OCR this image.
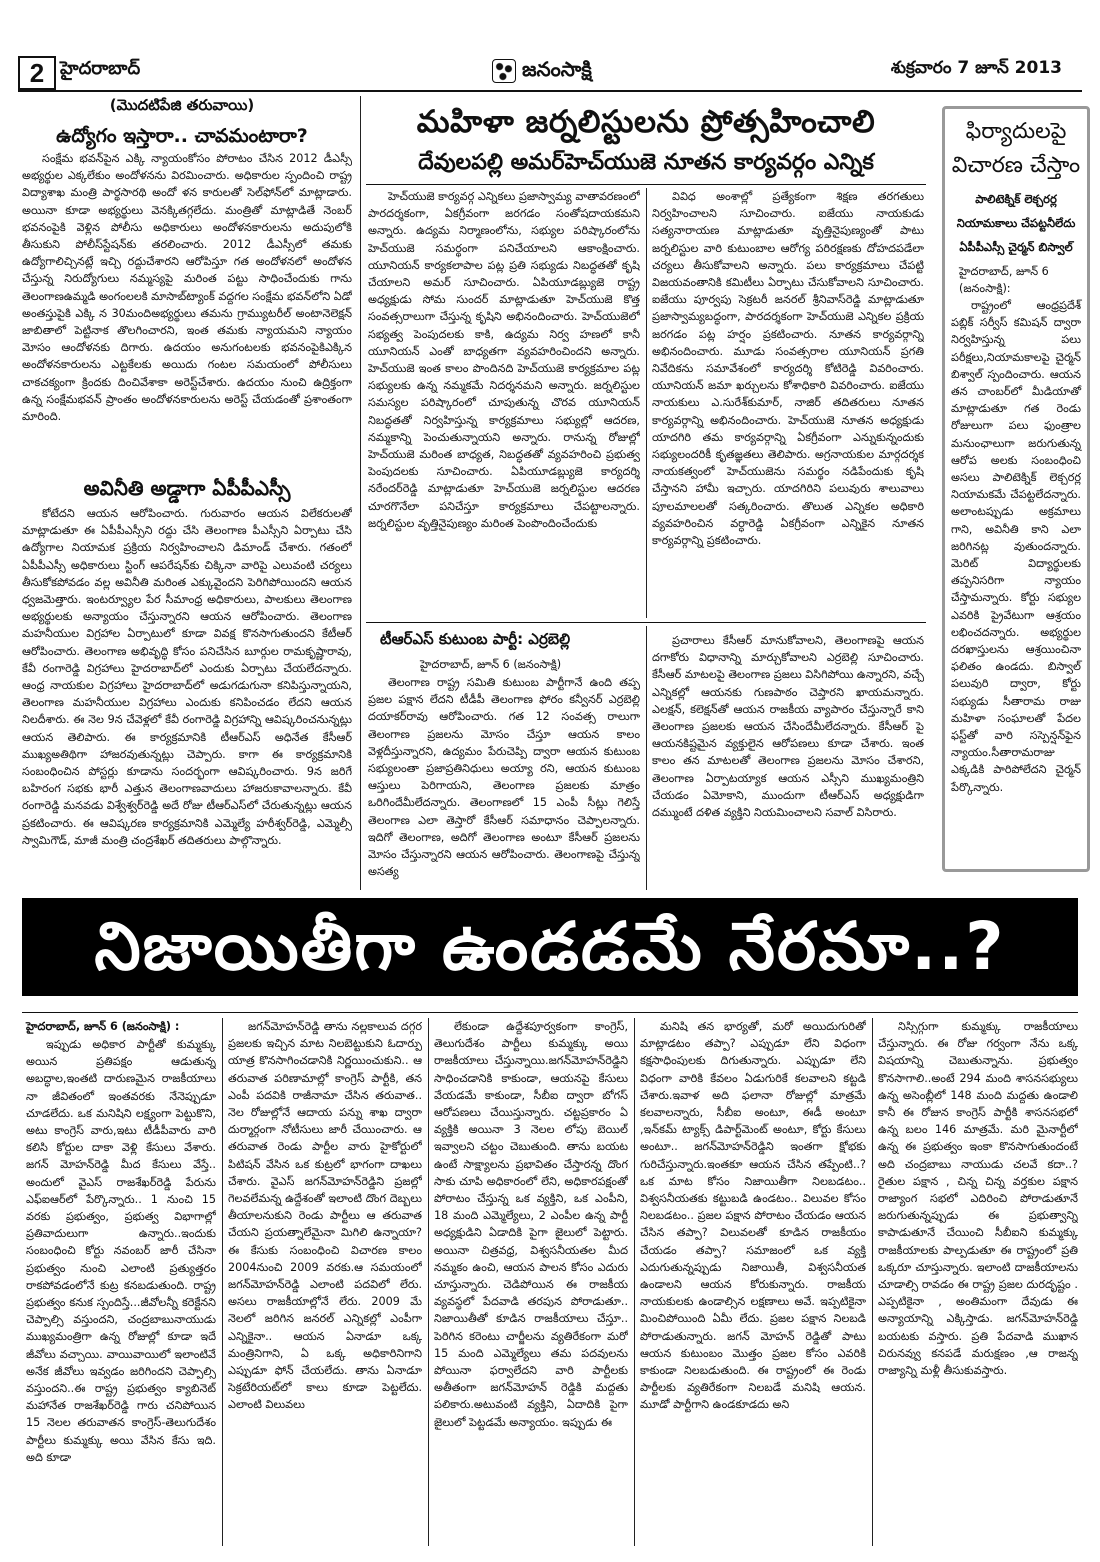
2 హైదరాబాద్	జనంసాక్షి	శుక్రవారం 7 జూన్ 2013
(మొదటిపేజి తరువాయి)
ఉద్యోగం ఇస్తారా.. చావమంటారా?

సంక్షేమ భవన్‌పైన ఎక్కి న్యాయంకోసం పోరాటం చేసిన 2012 డీఎస్సీ అభ్యర్థుల ఎక్కలేకుం అందోళనను విరమించారు. అధికారుల స్పందించి రాష్ట్ర విద్యాశాఖ మంత్రి పార్థసారథి అందో ళన కారులతో సెల్‌ఫోన్‌లో మాట్లాడారు. అయినా కూడా అభ్యర్థులు వెనక్కితగ్గలేదు. మంత్రితో మాట్లాడితే నెంబర్ భవనంపైకి వెళ్లిన పోలీసు అధికారులు అందోళనకారులను అదుపులోకి తీసుకుని పోలీస్‌స్టేషన్‌కు తరలించారు. 2012 డీఎస్సీలో తమకు ఉద్యోగాలిచ్చినట్లే ఇచ్చి రద్దుచేశారని ఆరోపిస్తూ గత అందోళనలో అందోళన చేస్తున్న నిరుద్యోగులు నమ్మస్యపై మరింత పట్టు సాధించేందుకు గాను తెలంగాణఉమ్మడి అంగంలలకి మాసాబ్‌ట్యాంక్ వద్దగల సంక్షేమ భవన్‌లోని ఏడో అంతస్తుపైకి ఎక్కి న 30మందిఅభ్యర్థులు తమను గ్రామ్యుటరీల్ అంటానెలెక్షన్ జాబితాలో పెట్టినాక తొలగించారని, ఇంత తమకు న్యాయమని న్యాయం మోసం ఆందోళనకు దిగారు. ఉదయం అనుగంటలకు భవనంపైకిఎక్కిన అందోళనకారులను ఎట్టకేలకు అయిదు గంటల సమయంలో పోలీసులు చాకచక్యంగా క్రిందకు దించివేశాకా అరెస్ట్‌చేశారు. ఉదయం నుంచి ఉద్రిక్తంగా ఉన్న సంక్షేమభవన్ ప్రాంతం అందోళనకారులను అరెస్ట్ చేయడంతో ప్రశాంతంగా మారింది.

అవినీతి అడ్డాగా ఏపీపీఎస్సీ

కోటేదని ఆయన ఆరోపించారు. గురువారం ఆయన విలేకరులతో మాట్లాడుతూ ఈ ఏపీపీఎస్సీని రద్దు చేసి తెలంగాణ పీఎస్సీని ఏర్పాటు చేసి ఉద్యోగాల నియామక ప్రక్రియ నిర్వహించాలని డిమాండ్ చేశారు. గతంలో ఏపీపీఎస్సీ అధికారులు స్టింగ్ ఆపరేషన్‌కు చిక్కినా వారిపై ఎలువంటి చర్యలు తీసుకోకపోవడం వల్ల అవినీతి మరింత ఎక్కువైందని పెరిగిపోయిందని ఆయన ధ్వజమెత్తారు. ఇంటర్వ్యూల పేర సీమాంధ్ర అధికారులు, పాలకులు తెలంగాణ అభ్యర్థులకు అన్యాయం చేస్తున్నారని ఆయన ఆరోపించారు. తెలంగాణ మహనీయుల విగ్రహాల ఏర్పాటులో కూడా వివక్ష కొనసాగుతుందని కేటీఆర్ ఆరోపించారు. తెలంగాణ అభివృద్ధి కోసం పనిచేసిన బూర్గుల రామకృష్ణారావు, కేవీ రంగారెడ్డి విగ్రహాలు హైదరాబాద్‌లో ఎందుకు ఏర్పాటు చేయలేదన్నారు. ఆంధ్ర నాయకుల విగ్రహాలు హైదరాబాద్‌లో అడుగడుగునా కనిపిస్తున్నాయని, తెలంగాణ మహనీయుల విగ్రహాలు ఎందుకు కనిపించడం లేదని ఆయన నిలదీశారు. ఈ నెల 9న చేవెళ్లలో కేవీ రంగారెడ్డి విగ్రహాన్ని ఆవిష్కరించనున్నట్లు ఆయన తెలిపారు. ఈ కార్యక్రమానికి టీఆర్ఎస్ అధినేత కేసీఆర్ ముఖ్యఅతిథిగా హాజరవుతున్నట్లు చెప్పారు. కాగా ఈ కార్యక్రమానికి సంబంధించిన పోస్టర్లు కూడాను సందర్భంగా ఆవిష్కరించారు. 9న జరిగే బహిరంగ సభకు భారీ ఎత్తున తెలంగాణవాదులు హాజరుకావాలన్నారు. కేవీ రంగారెడ్డి మనవడు విశ్వేశ్వర్‌రెడ్డి అదే రోజు టీఆర్ఎస్‌లో చేరుతున్నట్లు ఆయన ప్రకటించారు. ఈ ఆవిష్కరణ కార్యక్రమానికి ఎమ్మెల్యే హరీశ్వర్‌రెడ్డి, ఎమ్మెల్సీ స్వామిగౌడ్, మాజీ మంత్రి చంద్రశేఖర్ తదితరులు పాల్గొన్నారు.

మహిళా జర్నలిస్టులను ప్రోత్సహించాలి
దేవులపల్లి అమర్‌హెచ్‌యుజె నూతన కార్యవర్గం ఎన్నిక

హెచ్‌యుజె కార్యవర్గ ఎన్నికలు ప్రజాస్వామ్య వాతావరణంలో పారదర్శకంగా, ఏకగ్రీవంగా జరగడం సంతోషదాయకమని అన్నారు. ఉద్యమ నిర్మాణంలోను, సభ్యుల పరిష్కారంలోను హెచ్‌యుజె సమర్థంగా పనిచేయాలని ఆకాంక్షించారు. యూనియన్ కార్యకలాపాల పట్ల ప్రతి సభ్యుడు నిబద్ధతతో కృషి చేయాలని అమర్ సూచించారు. ఏపియూడబ్ల్యుజె రాష్ట్ర అధ్యక్షుడు సోమ సుందర్ మాట్లాడుతూ హెచ్‌యుజె కొత్త సంవత్సరాలుగా చేస్తున్న కృషిని అభినందించారు. హెచ్‌యుజెలో సభ్యత్వ పెంపుదలకు కాకి, ఉద్యమ నిర్వ హణలో కానీ యూనియన్ ఎంతో బాధ్యతగా వ్యవహరించిందని అన్నారు. హెచ్‌యుజె ఇంత కాలం పొందినది హెచ్‌యుజె కార్యక్రమాల పట్ల సభ్యులకు ఉన్న నమ్మకమే నిదర్శనమని అన్నారు. జర్నలిస్టుల సమస్యల పరిష్కారంలో చూపుతున్న చొరవ యూనియన్ నిబద్ధతతో నిర్వహిస్తున్న కార్యక్రమాలు సభ్యుల్లో ఆదరణ, నమ్మకాన్ని పెంచుతున్నాయని అన్నారు. రానున్న రోజుల్లో హెచ్‌యుజె మరింత బాధ్యత, నిబద్ధతతో వ్యవహరించి ప్రభుత్వ పెంపుదలకు సూచించారు. ఏపియూడబ్ల్యుజె కార్యదర్శి నరేందర్‌రెడ్డి మాట్లాడుతూ హెచ్‌యుజె జర్నలిస్టుల ఆదరణ చూరగొనేలా పనిచేస్తూ కార్యక్రమాలు చేపట్టాలన్నారు. జర్నలిస్టుల వృత్తినైపుణ్యం మరింత పెంపొందించేందుకు

వివిధ అంశాల్లో ప్రత్యేకంగా శిక్షణ తరగతులు నిర్వహించాలని సూచించారు. ఐజేయు నాయకుడు సత్యనారాయణ మాట్లాడుతూ వృత్తినైపుణ్యంతో పాటు జర్నలిస్టుల వారి కుటుంబాల ఆరోగ్య పరిరక్షణకు దోహదపడేలా చర్యలు తీసుకోవాలని అన్నారు. పలు కార్యక్రమాలు చేపట్టి విజయవంతానికి కమిటీలు ఏర్పాటు చేసుకోవాలని సూచించారు. ఐజేయు పూర్వపు సెక్రటరీ జనరల్ శ్రీనివాస్‌రెడ్డి మాట్లాడుతూ ప్రజాస్వామ్యబద్ధంగా, పారదర్శకంగా హెచ్‌యుజె ఎన్నికల ప్రక్రియ జరగడం పట్ల హర్షం ప్రకటించారు. నూతన కార్యవర్గాన్ని అభినందించారు. మూడు సంవత్సరాల యూనియన్ ప్రగతి నివేదికను సమావేశంలో కార్యదర్శి కోటిరెడ్డి వివరించారు. యూనియన్ జమా ఖర్చులను కోశాధికారి వివరించారు. ఐజేయు నాయకులు ఎ.సురేశ్‌కుమార్, నాజిర్ తదితరులు నూతన కార్యవర్గాన్ని అభినందించారు. హెచ్‌యుజె నూతన అధ్యక్షుడు యాదగిరి తమ కార్యవర్గాన్ని ఏకగ్రీవంగా ఎన్నుకున్నందుకు సభ్యులందరికీ కృతజ్ఞతలు తెలిపారు. అగ్రనాయకుల మార్గదర్శక నాయకత్వంలో హెచ్‌యుజెను సమర్థం నడిపేందుకు కృషి చేస్తానని హామీ ఇచ్చారు. యాదగిరిని పలువురు శాలువాలు పూలమాలలతో సత్కరించారు. తొలుత ఎన్నికల అధికారి వ్యవహరించిన వర్ధారెడ్డి ఏకగ్రీవంగా ఎన్నికైన నూతన కార్యవర్గాన్ని ప్రకటించారు.

టీఆర్ఎస్ కుటుంబ పార్టీ: ఎర్రబెల్లి
హైదరాబాద్, జూన్ 6 (జనంసాక్షి)

తెలంగాణ రాష్ట్ర సమితి కుటుంబ పార్టీగానే ఉంది తప్ప ప్రజల పక్షాన లేదని టీడీపీ తెలంగాణ ఫోరం కన్వీనర్ ఎర్రబెల్లి దయాకర్‌రావు ఆరోపించారు. గత 12 సంవత్స రాలుగా తెలంగాణ ప్రజలను మోసం చేస్తూ ఆయన కాలం వెళ్లదీస్తున్నారని, ఉద్యమం పేరుచెప్పి ద్వారా ఆయన కుటుంబ సభ్యులంతా ప్రజాప్రతినిధులు అయ్యా రని, ఆయన కుటుంబ ఆస్తులు పెరిగాయని, తెలంగాణ ప్రజలకు మాత్రం ఒరిగిందేమీలేదన్నారు. తెలంగాణలో 15 ఎంపీ సీట్లు గెలిస్తే తెలంగాణ ఎలా తెస్తారో కేసీఆర్ సమాధానం చెప్పాలన్నారు. ఇదిగో తెలంగాణ, అదిగో తెలంగాణ అంటూ కేసీఆర్ ప్రజలను మోసం చేస్తున్నారని ఆయన ఆరోపించారు. తెలంగాణపై చేస్తున్న అసత్య

ప్రచారాలు కేసీఆర్ మానుకోవాలని, తెలంగాణపై ఆయన దగాకోరు విధానాన్ని మార్చుకోవాలని ఎర్రబెల్లి సూచించారు. కేసీఆర్ మాటలపై తెలంగాణ ప్రజలు విసిగిపోయి ఉన్నారని, వచ్చే ఎన్నికల్లో ఆయనకు గుణపాఠం చెప్తారని ఖాయమన్నారు. ఎలక్షన్, కలెక్షన్‌తో ఆయన రాజకీయ వ్యాపారం చేస్తున్నారే కాని తెలంగాణ ప్రజలకు ఆయన చేసిందేమీలేదన్నారు. కేసీఆర్ పై ఆయనకిష్టమైన వ్యక్తులైన ఆరోపణలు కూడా చేశారు. ఇంత కాలం తన మాటలతో తెలంగాణ ప్రజలను మోసం చేశారని, తెలంగాణ ఏర్పాటయ్యాక ఆయన ఎస్సీని ముఖ్యమంత్రిని చేయడం ఏమోకాని, ముందుగా టీఆర్ఎస్ అధ్యక్షుడిగా దమ్ముంటే దళిత వ్యక్తిని నియమించాలని సవాల్ విసిరారు.

ఫిర్యాదులపై
విచారణ చేస్తాం
పాలిటెక్నిక్ లెక్చరర్ల
నియామకాలు చేపట్టనీలేదు
ఏపీపీఎస్సీ చైర్మన్ బిస్వాల్
హైదరాబాద్, జూన్ 6 (జనంసాక్షి):

రాష్ట్రంలో ఆంధ్రప్రదేశ్ పబ్లిక్ సర్వీస్ కమిషన్ ద్వారా నిర్వహిస్తున్న పలు పరీక్షలు,నియామకాలపై చైర్మన్ బిశ్వాల్ స్పందించారు. ఆయన తన చాంబర్‌లో మీడియాతో మాట్లాడుతూ గత రెండు రోజులుగా పలు ఫుంత్రాల మనుంఛాలుగా జరుగుతున్న ఆరోప అలకు సంబంధించి అసలు పాలిటెక్నిక్ లెక్చరర్ల నియామకమే చేపట్టలేదన్నారు. అలాంటప్పుడు అక్రమాలు గాని, అవినీతి కాని ఎలా జరిగినట్ల వుతుందన్నారు. మెరిట్ విద్యార్థులకు తప్పనిసరిగా న్యాయం చేస్తామన్నారు. కోర్టు సభ్యుల ఎవరికి ప్రైవేటుగా ఆశ్రయం లభించదన్నారు. అభ్యర్థుల దరఖాస్తులను ఆశ్రయించినా ఫలితం ఉండదు. బిస్వాల్ పలువురి ద్వారా, కోర్టు సభ్యుడు సీతారామ రాజు మహిళా సంఘాలతో పేదల ఫస్ట్‌తో వారి సస్పెన్షన్‌ఫైన న్యాయం.సీతారామరాజు ఎక్కడికి పారిపోలేదని చైర్మన్ పేర్కొన్నారు.

నిజాయితీగా ఉండడమే నేరమా..?
హైదరాబాద్, జూన్ 6 (జనంసాక్షి) :

ఇప్పుడు అధికార పార్టీతో కుమ్మక్కు అయిన ప్రతిపక్షం ఆడుతున్న అబద్ధాల,ఇంతటి దారుణమైన రాజకీయాలు నా జీవితంలో ఇంతవరకు నేనెప్పుడూ చూడలేదు. ఒక మనిషిని లక్ష్యంగా పెట్టుకొని, అటు కాంగ్రెస్ వారు,ఇటు టీడీపీవారు వారి కలిసి కోర్టుల దాకా వెళ్లి కేసులు వేశారు. జగన్ మోహన్‌రెడ్డి మీద కేసులు వేస్తే.. అందులో వైఎస్ రాజశేఖర్‌రెడ్డి పేరును ఎఫ్ఐఆర్‌లో పేర్కొన్నారు.. 1 నుంచి 15 వరకు ప్రభుత్వం, ప్రభుత్వ విభాగాల్లో ప్రతివాదులుగా ఉన్నారు..ఇందుకు సంబంధించి కోర్టు నవంబర్ జారీ చేసినా ప్రభుత్వం నుంచి ఎలాంటి ప్రత్యుత్తరం రాకపోవడంలోనే కుట్ర కనబడుతుంది. రాష్ట్ర ప్రభుత్వం కనుక స్పందిస్తే...జీవోలన్నీ కరెక్టేనని చెప్పాల్సి వస్తుందని, చంద్రబాబునాయుడు ముఖ్యమంత్రిగా ఉన్న రోజుల్లో కూడా ఇదే జీవోలు వచ్చాయి. వాయివాయిలో ఇలాంటివే అనేక జీవోలు ఇవ్వడం జరిగిందని చెప్పాల్సి వస్తుందని..ఈ రాష్ట్ర ప్రభుత్వం క్యాబినెట్ మహానేత రాజశేఖర్‌రెడ్డి గారు చనిపోయిన 15 నెలల తరువాతన కాంగ్రెస్-తెలుగుదేశం పార్టీలు కుమ్మక్కు అయి వేసిన కేసు ఇది. అది కూడా

జగన్‌మోహన్‌రెడ్డి తాను నల్లకాలువ దగ్గర ప్రజలకు ఇచ్చిన మాట నిలబెట్టుకుని ఓదార్పు యాత్ర కొనసాగించడానికి నిర్ణయించుకుని.. ఆ తరువాత పరిణామాల్లో కాంగ్రెస్ పార్టీకి, తన ఎంపీ పదవికి రాజీనామా చేసిన తరువాత.. నెల రోజుల్లోనే ఆదాయ పన్ను శాఖ ద్వారా దుర్మార్గంగా నోటీసులు జారీ చేయించారు. ఆ తరువాత రెండు పార్టీల వారు హైకోర్టులో పిటిషన్ వేసిన ఒక కుట్రలో భాగంగా దాఖలు చేశారు. వైఎస్ జగన్‌మోహన్‌రెడ్డిని ప్రజల్లో గెలవలేమన్న ఉద్దేశంతో ఇలాంటి దొంగ దెబ్బలు తీయాలనుకుని రెండు పార్టీలు ఆ తరువాత చేయని ప్రయత్నాలేమైనా మిగిలి ఉన్నాయా?ఈ కేసుకు సంబంధించి విచారణ కాలం 2004నుంచి 2009 వరకు.ఆ సమయంలో జగన్‌మోహన్‌రెడ్డి ఎలాంటి పదవిలో లేరు. అసలు రాజకీయాల్లోనే లేరు. 2009 మే నెలలో జరిగిన జనరల్ ఎన్నికల్లో ఎంపీగా ఎన్నికైనా.. ఆయన ఏనాడూ ఒక్క మంత్రినిగాని, ఏ ఒక్క అధికారినిగాని ఎప్పుడూ ఫోన్ చేయలేదు. తాను ఏనాడూ సెక్రటేరియట్‌లో కాలు కూడా పెట్టలేదు. ఎలాంటి విలువలు

లేకుండా ఉద్దేశపూర్వకంగా కాంగ్రెస్, తెలుగుదేశం పార్టీలు కుమ్మక్కు అయి రాజకీయాలు చేస్తున్నాయి.జగన్‌మోహన్‌రెడ్డిని సాధించడానికి కాకుండా, ఆయనపై కేసులు వేయడమే కాకుండా, సీబీఐ ద్వారా బోగస్ ఆరోపణలు చేయిస్తున్నారు. చట్టప్రకారం ఏ వ్యక్తికి అయినా 3 నెలల లోపు బెయిల్ ఇవ్వాలని చట్టం చెబుతుంది. తాను బయట ఉంటే సాక్ష్యాలను ప్రభావితం చేస్తారన్న దొంగ సాకు చూపి అధికారంలో లేని, అధికారపక్షంతో పోరాటం చేస్తున్న ఒక వ్యక్తిని, ఒక ఎంపీని, 18 మంది ఎమ్మెల్యేలు, 2 ఎంపీల ఉన్న పార్టీ అధ్యక్షుడిని ఏడాదికి పైగా జైలులో పెట్టారు. అయినా చిత్రవధ్ర, విశ్వసనీయతల మీద నమ్మకం ఉంచి, ఆయన పాలన కోసం ఎదురు చూస్తున్నారు. చెడిపోయిన ఈ రాజకీయ వ్యవస్థలో పేదవాడి తరపున పోరాడుతూ.. నిజాయితీతో కూడిన రాజకీయాలు చేస్తూ.. పెరిగిన కరెంటు చార్జీలను వ్యతిరేకంగా మరో 15 మంది ఎమ్మెల్యేలు తమ పదవులను పోయినా ఫర్వాలేదని వారి పార్టీలకు అతీతంగా జగన్‌మోహన్ రెడ్డికి మద్దతు పలికారు.అటువంటి వ్యక్తిని, ఏదాదికి పైగా జైలులో పెట్టడమే అన్యాయం. ఇప్పుడు ఈ

మనిషి తన భార్యతో, మరో అయిదుగురితో మాట్లాడటం తప్పా? ఎప్పుడూ లేని విధంగా కక్షసాధింపులకు దిగుతున్నారు. ఎప్పుడూ లేని విధంగా వారికి కేవలం ఏడుగురికే కలవాలని కట్టడి చేశారు.ఇవాళ అది ఫలానా రోజుల్లో మాత్రమే కలవాలన్నారు, సీబీఐ అంటూ, ఈడీ అంటూ ,ఇన్‌కమ్ ట్యాక్స్ డిపార్ట్‌మెంట్ అంటూ, కోర్టు కేసులు అంటూ.. జగన్‌మోహన్‌రెడ్డిని ఇంతగా క్షోభకు గురిచేస్తున్నారు.ఇంతకూ ఆయన చేసిన తప్పేంటి..? ఒక మాట కోసం నిజాయితీగా నిలబడటం.. విశ్వసనీయతకు కట్టుబడి ఉండటం.. విలువల కోసం నిలబడటం.. ప్రజల పక్షాన పోరాటం చేయడం ఆయన చేసిన తప్పా? విలువలతో కూడిన రాజకీయం చేయడం తప్పా? సమాజంలో ఒక వ్యక్తి ఎదుగుతున్నప్పుడు నిజాయితీ, విశ్వసనీయత ఉండాలని ఆయన కోరుకున్నారు. రాజకీయ నాయకులకు ఉండాల్సిన లక్షణాలు అవే. ఇప్పటికైనా మించిపోయింది ఏమీ లేదు. ప్రజల పక్షాన నిలబడి పోరాడుతున్నారు. జగన్ మోహన్ రెడ్డితో పాటు ఆయన కుటుంబం మొత్తం ప్రజల కోసం ఎవరికి కాకుండా నిలబడుతుంది. ఈ రాష్ట్రంలో ఈ రెండు పార్టీలకు వ్యతిరేకంగా నిలబడే మనిషి ఆయన. మూడో పార్టీగాని ఉండకూడదు అని

నిస్సిగ్గుగా కుమ్మక్కు రాజకీయాలు చేస్తున్నారు. ఈ రోజు గర్వంగా నేను ఒక్క విషయాన్ని చెబుతున్నాను. ప్రభుత్వం కొనసాగాలి..అంటే 294 మంది శాసనసభ్యులు ఉన్న అసెంబ్లీలో 148 మంది మద్దతు ఉండాలి కానీ ఈ రోజున కాంగ్రెస్ పార్టీకి శాసనసభలో ఉన్న బలం 146 మాత్రమే. మరి మైనార్టీలో ఉన్న ఈ ప్రభుత్వం ఇంకా కొనసాగుతుందంటే అది చంద్రబాబు నాయుడు చలవే కదా..? రైతుల పక్షాన , చిన్న చిన్న వర్తకుల పక్షాన రాజ్యాంగ సభలో ఎదిరించి పోరాడుతూనే జరుగుతున్నప్పుడు ఈ ప్రభుత్వాన్ని కాపాడుతూనే చేయించి సీబీఐని కుమ్మక్కు రాజకీయాలకు పాల్పడుతూ ఈ రాష్ట్రంలో ప్రతి ఒక్కరూ చూస్తున్నారు. ఇలాంటి దాజకీయాలను చూడాల్సి రావడం ఈ రాష్ట్ర ప్రజల దురదృష్టం . ఎప్పటికైనా , అంతిమంగా దేవుడు ఈ అన్యాయాన్ని ఎక్కిస్తాడు. జగన్‌మోహన్‌రెడ్డి బయటకు వస్తారు. ప్రతి పేదవాడి ముఖాన చిరునవ్వు కనపడే మరుక్షణం ,ఆ రాజన్న రాజ్యాన్ని మళ్లీ తీసుకువస్తారు.
